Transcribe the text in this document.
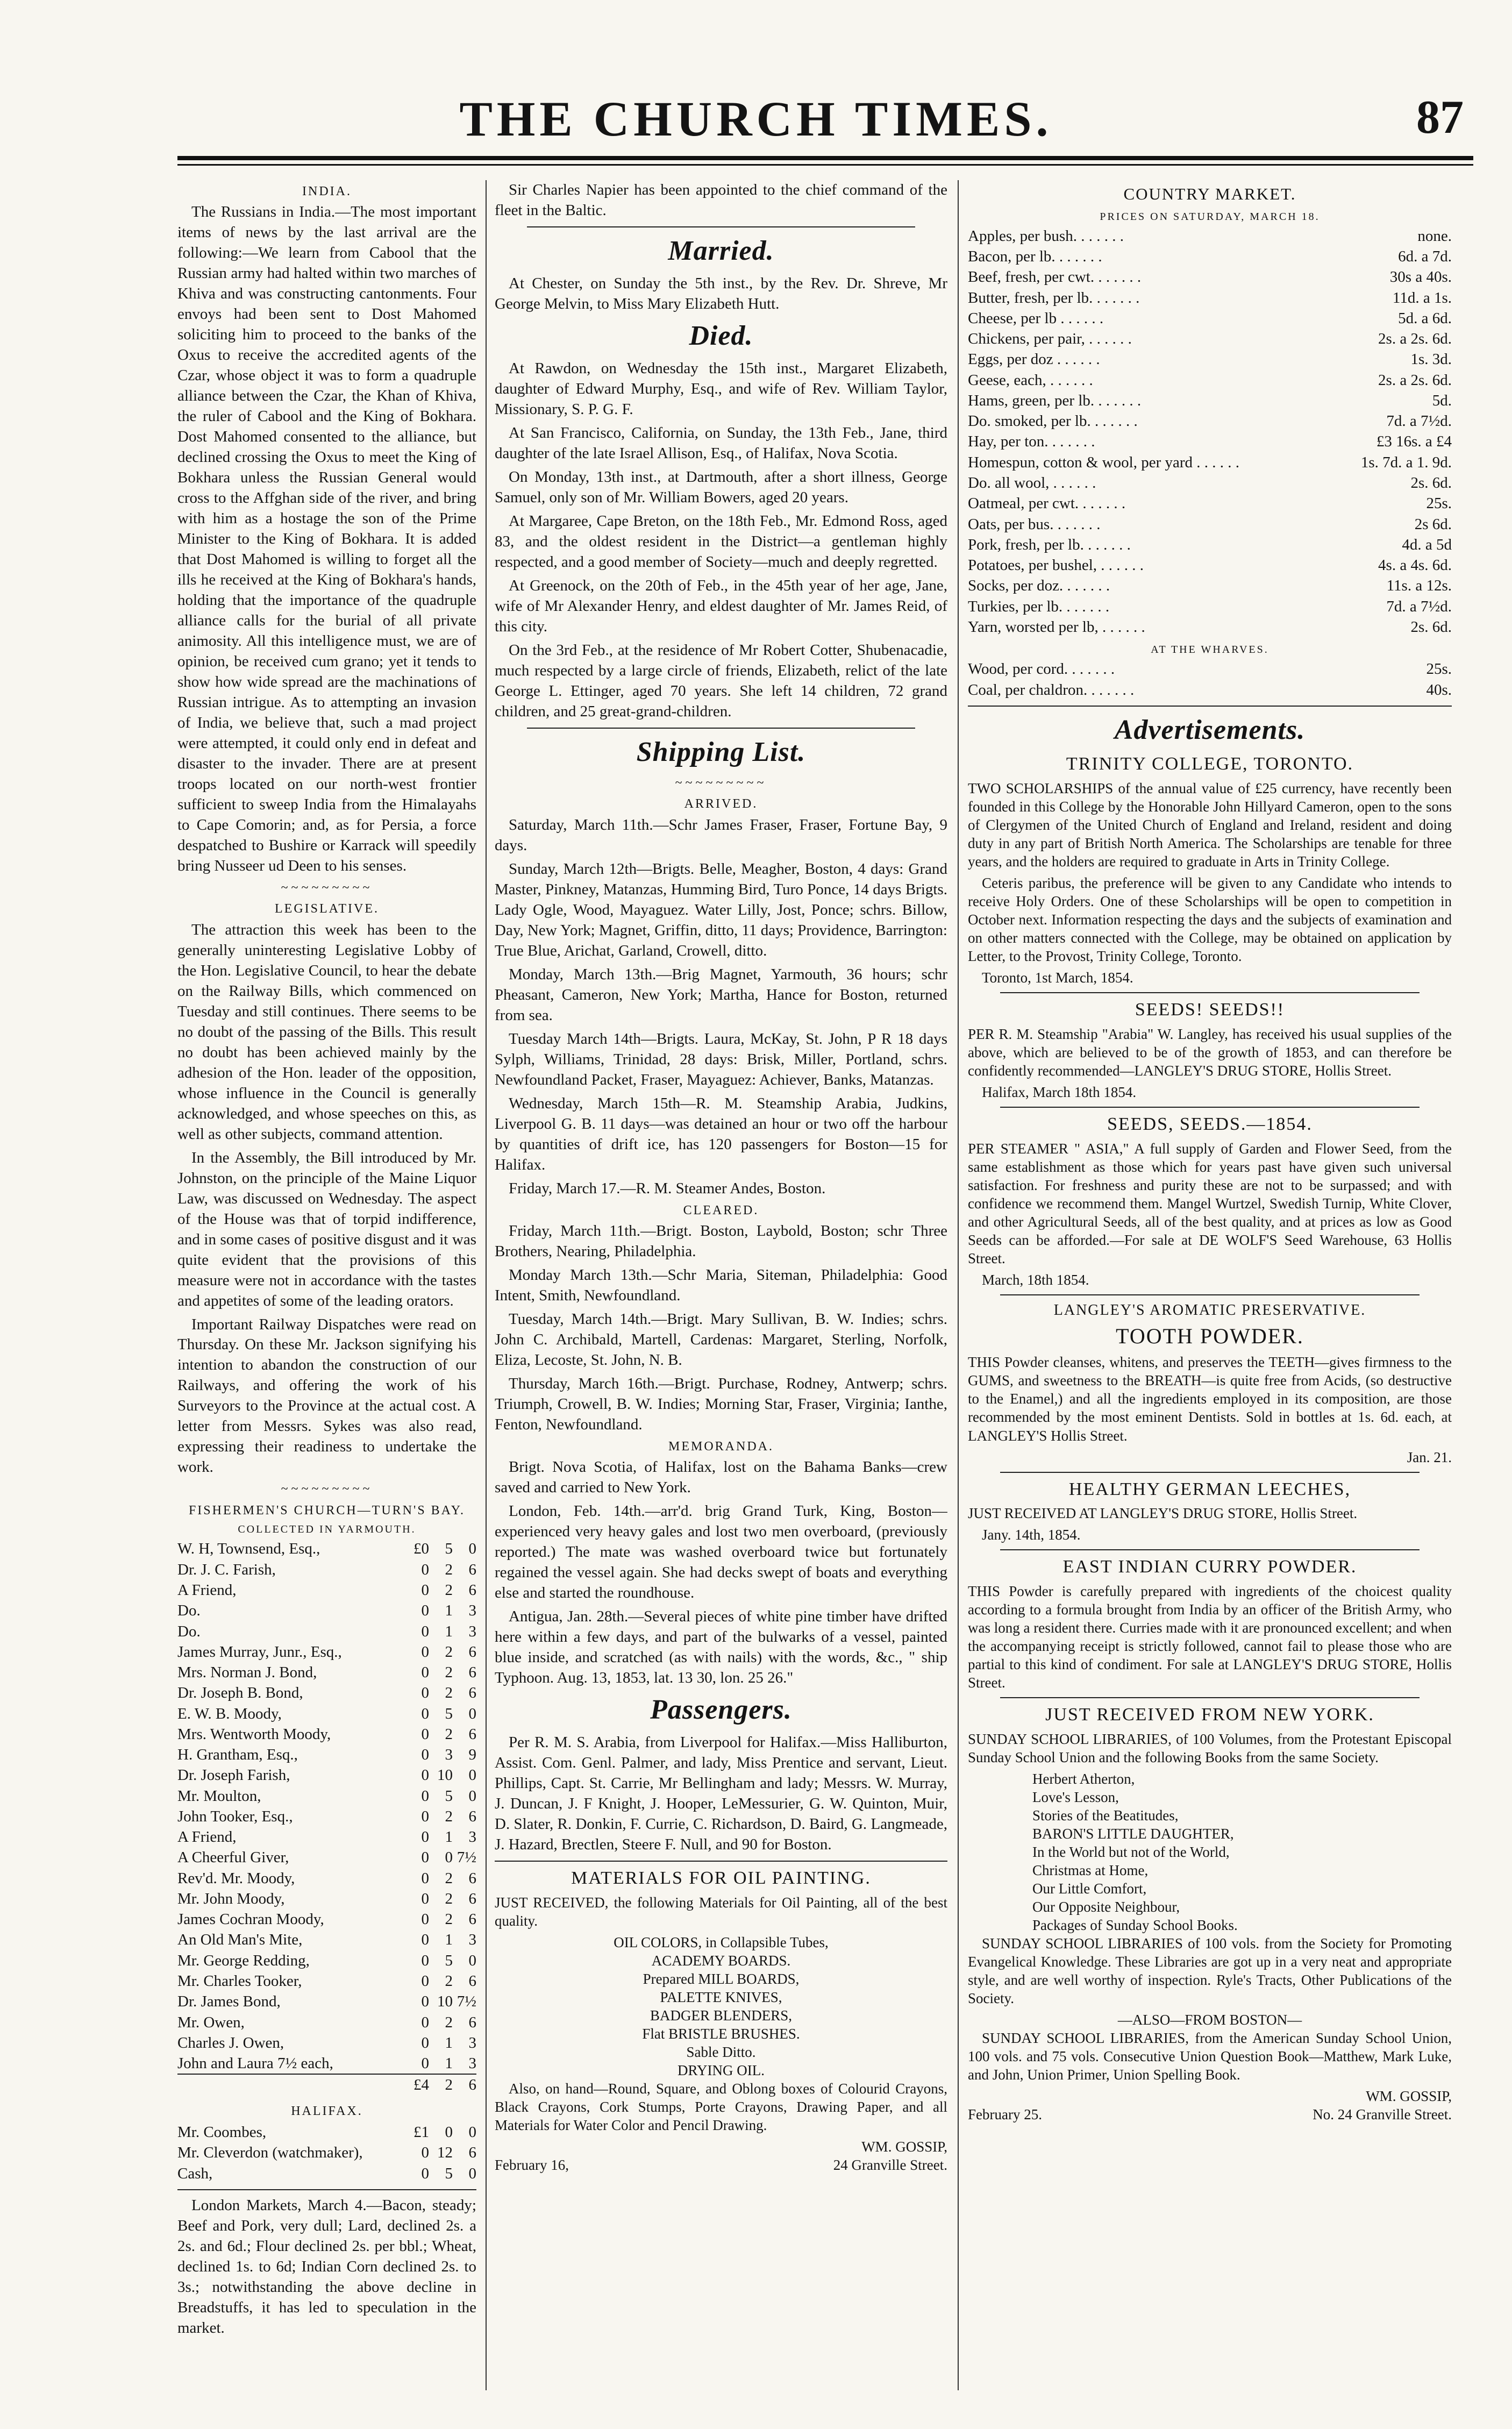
THE CHURCH TIMES.	87
INDIA.

The Russians in India.—The most important items of news by the last arrival are the following:—We learn from Cabool that the Russian army had halted within two marches of Khiva and was constructing cantonments. Four envoys had been sent to Dost Mahomed soliciting him to proceed to the banks of the Oxus to receive the accredited agents of the Czar, whose object it was to form a quadruple alliance between the Czar, the Khan of Khiva, the ruler of Cabool and the King of Bokhara. Dost Mahomed consented to the alliance, but declined crossing the Oxus to meet the King of Bokhara unless the Russian General would cross to the Affghan side of the river, and bring with him as a hostage the son of the Prime Minister to the King of Bokhara. It is added that Dost Mahomed is willing to forget all the ills he received at the King of Bokhara's hands, holding that the importance of the quadruple alliance calls for the burial of all private animosity. All this intelligence must, we are of opinion, be received cum grano; yet it tends to show how wide spread are the machinations of Russian intrigue. As to attempting an invasion of India, we believe that, such a mad project were attempted, it could only end in defeat and disaster to the invader. There are at present troops located on our north-west frontier sufficient to sweep India from the Himalayahs to Cape Comorin; and, as for Persia, a force despatched to Bushire or Karrack will speedily bring Nusseer ud Deen to his senses.

~~~~~~~~~
LEGISLATIVE.

The attraction this week has been to the generally uninteresting Legislative Lobby of the Hon. Legislative Council, to hear the debate on the Railway Bills, which commenced on Tuesday and still continues. There seems to be no doubt of the passing of the Bills. This result no doubt has been achieved mainly by the adhesion of the Hon. leader of the opposition, whose influence in the Council is generally acknowledged, and whose speeches on this, as well as other subjects, command attention.

In the Assembly, the Bill introduced by Mr. Johnston, on the principle of the Maine Liquor Law, was discussed on Wednesday. The aspect of the House was that of torpid indifference, and in some cases of positive disgust and it was quite evident that the provisions of this measure were not in accordance with the tastes and appetites of some of the leading orators.

Important Railway Dispatches were read on Thursday. On these Mr. Jackson signifying his intention to abandon the construction of our Railways, and offering the work of his Surveyors to the Province at the actual cost. A letter from Messrs. Sykes was also read, expressing their readiness to undertake the work.

~~~~~~~~~
FISHERMEN'S CHURCH—TURN'S BAY.
COLLECTED IN YARMOUTH.
W. H, Townsend, Esq.,	£0	5	0
Dr. J. C. Farish,	0	2	6
A Friend,	0	2	6
Do.	0	1	3
Do.	0	1	3
James Murray, Junr., Esq.,	0	2	6
Mrs. Norman J. Bond,	0	2	6
Dr. Joseph B. Bond,	0	2	6
E. W. B. Moody,	0	5	0
Mrs. Wentworth Moody,	0	2	6
H. Grantham, Esq.,	0	3	9
Dr. Joseph Farish,	0	10	0
Mr. Moulton,	0	5	0
John Tooker, Esq.,	0	2	6
A Friend,	0	1	3
A Cheerful Giver,	0	0	7½
Rev'd. Mr. Moody,	0	2	6
Mr. John Moody,	0	2	6
James Cochran Moody,	0	2	6
An Old Man's Mite,	0	1	3
Mr. George Redding,	0	5	0
Mr. Charles Tooker,	0	2	6
Dr. James Bond,	0	10	7½
Mr. Owen,	0	2	6
Charles J. Owen,	0	1	3
John and Laura 7½ each,	0	1	3
	£4	2	6
HALIFAX.
Mr. Coombes,	£1	0	0
Mr. Cleverdon (watchmaker),	0	12	6
Cash,	0	5	0

London Markets, March 4.—Bacon, steady; Beef and Pork, very dull; Lard, declined 2s. a 2s. and 6d.; Flour declined 2s. per bbl.; Wheat, declined 1s. to 6d; Indian Corn declined 2s. to 3s.; notwithstanding the above decline in Breadstuffs, it has led to speculation in the market.

Sir Charles Napier has been appointed to the chief command of the fleet in the Baltic.

Married.

At Chester, on Sunday the 5th inst., by the Rev. Dr. Shreve, Mr George Melvin, to Miss Mary Elizabeth Hutt.

Died.

At Rawdon, on Wednesday the 15th inst., Margaret Elizabeth, daughter of Edward Murphy, Esq., and wife of Rev. William Taylor, Missionary, S. P. G. F.

At San Francisco, California, on Sunday, the 13th Feb., Jane, third daughter of the late Israel Allison, Esq., of Halifax, Nova Scotia.

On Monday, 13th inst., at Dartmouth, after a short illness, George Samuel, only son of Mr. William Bowers, aged 20 years.

At Margaree, Cape Breton, on the 18th Feb., Mr. Edmond Ross, aged 83, and the oldest resident in the District—a gentleman highly respected, and a good member of Society—much and deeply regretted.

At Greenock, on the 20th of Feb., in the 45th year of her age, Jane, wife of Mr Alexander Henry, and eldest daughter of Mr. James Reid, of this city.

On the 3rd Feb., at the residence of Mr Robert Cotter, Shubenacadie, much respected by a large circle of friends, Elizabeth, relict of the late George L. Ettinger, aged 70 years. She left 14 children, 72 grand children, and 25 great-grand-children.

Shipping List.
~~~~~~~~~
ARRIVED.

Saturday, March 11th.—Schr James Fraser, Fraser, Fortune Bay, 9 days.

Sunday, March 12th—Brigts. Belle, Meagher, Boston, 4 days: Grand Master, Pinkney, Matanzas, Humming Bird, Turo Ponce, 14 days Brigts. Lady Ogle, Wood, Mayaguez. Water Lilly, Jost, Ponce; schrs. Billow, Day, New York; Magnet, Griffin, ditto, 11 days; Providence, Barrington: True Blue, Arichat, Garland, Crowell, ditto.

Monday, March 13th.—Brig Magnet, Yarmouth, 36 hours; schr Pheasant, Cameron, New York; Martha, Hance for Boston, returned from sea.

Tuesday March 14th—Brigts. Laura, McKay, St. John, P R 18 days Sylph, Williams, Trinidad, 28 days: Brisk, Miller, Portland, schrs. Newfoundland Packet, Fraser, Mayaguez: Achiever, Banks, Matanzas.

Wednesday, March 15th—R. M. Steamship Arabia, Judkins, Liverpool G. B. 11 days—was detained an hour or two off the harbour by quantities of drift ice, has 120 passengers for Boston—15 for Halifax.

Friday, March 17.—R. M. Steamer Andes, Boston.

CLEARED.

Friday, March 11th.—Brigt. Boston, Laybold, Boston; schr Three Brothers, Nearing, Philadelphia.

Monday March 13th.—Schr Maria, Siteman, Philadelphia: Good Intent, Smith, Newfoundland.

Tuesday, March 14th.—Brigt. Mary Sullivan, B. W. Indies; schrs. John C. Archibald, Martell, Cardenas: Margaret, Sterling, Norfolk, Eliza, Lecoste, St. John, N. B.

Thursday, March 16th.—Brigt. Purchase, Rodney, Antwerp; schrs. Triumph, Crowell, B. W. Indies; Morning Star, Fraser, Virginia; Ianthe, Fenton, Newfoundland.

MEMORANDA.

Brigt. Nova Scotia, of Halifax, lost on the Bahama Banks—crew saved and carried to New York.

London, Feb. 14th.—arr'd. brig Grand Turk, King, Boston—experienced very heavy gales and lost two men overboard, (previously reported.) The mate was washed overboard twice but fortunately regained the vessel again. She had decks swept of boats and everything else and started the roundhouse.

Antigua, Jan. 28th.—Several pieces of white pine timber have drifted here within a few days, and part of the bulwarks of a vessel, painted blue inside, and scratched (as with nails) with the words, &c., " ship Typhoon. Aug. 13, 1853, lat. 13 30, lon. 25 26."

Passengers.

Per R. M. S. Arabia, from Liverpool for Halifax.—Miss Halliburton, Assist. Com. Genl. Palmer, and lady, Miss Prentice and servant, Lieut. Phillips, Capt. St. Carrie, Mr Bellingham and lady; Messrs. W. Murray, J. Duncan, J. F Knight, J. Hooper, LeMessurier, G. W. Quinton, Muir, D. Slater, R. Donkin, F. Currie, C. Richardson, D. Baird, G. Langmeade, J. Hazard, Brectlen, Steere F. Null, and 90 for Boston.

MATERIALS FOR OIL PAINTING.

JUST RECEIVED, the following Materials for Oil Painting, all of the best quality.

OIL COLORS, in Collapsible Tubes,
ACADEMY BOARDS.
Prepared MILL BOARDS,
PALETTE KNIVES,
BADGER BLENDERS,
Flat BRISTLE BRUSHES.
Sable Ditto.
DRYING OIL.

Also, on hand—Round, Square, and Oblong boxes of Colourid Crayons, Black Crayons, Cork Stumps, Porte Crayons, Drawing Paper, and all Materials for Water Color and Pencil Drawing.

WM. GOSSIP,
February 16,	24 Granville Street.
COUNTRY MARKET.
PRICES ON SATURDAY, MARCH 18.
Apples, per bush. . . . . . .	none.
Bacon, per lb. . . . . . .	6d. a 7d.
Beef, fresh, per cwt. . . . . . .	30s a 40s.
Butter, fresh, per lb. . . . . . .	11d. a 1s.
Cheese, per lb . . . . . .	5d. a 6d.
Chickens, per pair, . . . . . .	2s. a 2s. 6d.
Eggs, per doz . . . . . .	1s. 3d.
Geese, each, . . . . . .	2s. a 2s. 6d.
Hams, green, per lb. . . . . . .	5d.
Do. smoked, per lb. . . . . . .	7d. a 7½d.
Hay, per ton. . . . . . .	£3 16s. a £4
Homespun, cotton & wool, per yard . . . . . .	1s. 7d. a 1. 9d.
Do. all wool, . . . . . .	2s. 6d.
Oatmeal, per cwt. . . . . . .	25s.
Oats, per bus. . . . . . .	2s 6d.
Pork, fresh, per lb. . . . . . .	4d. a 5d
Potatoes, per bushel, . . . . . .	4s. a 4s. 6d.
Socks, per doz. . . . . . .	11s. a 12s.
Turkies, per lb. . . . . . .	7d. a 7½d.
Yarn, worsted per lb, . . . . . .	2s. 6d.
AT THE WHARVES.
Wood, per cord. . . . . . .	25s.
Coal, per chaldron. . . . . . .	40s.
Advertisements.
TRINITY COLLEGE, TORONTO.

TWO SCHOLARSHIPS of the annual value of £25 currency, have recently been founded in this College by the Honorable John Hillyard Cameron, open to the sons of Clergymen of the United Church of England and Ireland, resident and doing duty in any part of British North America. The Scholarships are tenable for three years, and the holders are required to graduate in Arts in Trinity College.

Ceteris paribus, the preference will be given to any Candidate who intends to receive Holy Orders. One of these Scholarships will be open to competition in October next. Information respecting the days and the subjects of examination and on other matters connected with the College, may be obtained on application by Letter, to the Provost, Trinity College, Toronto.

Toronto, 1st March, 1854.

SEEDS! SEEDS!!

PER R. M. Steamship "Arabia" W. Langley, has received his usual supplies of the above, which are believed to be of the growth of 1853, and can therefore be confidently recommended—LANGLEY'S DRUG STORE, Hollis Street.

Halifax, March 18th 1854.

SEEDS, SEEDS.—1854.

PER STEAMER " ASIA," A full supply of Garden and Flower Seed, from the same establishment as those which for years past have given such universal satisfaction. For freshness and purity these are not to be surpassed; and with confidence we recommend them. Mangel Wurtzel, Swedish Turnip, White Clover, and other Agricultural Seeds, all of the best quality, and at prices as low as Good Seeds can be afforded.—For sale at DE WOLF'S Seed Warehouse, 63 Hollis Street.

March, 18th 1854.

LANGLEY'S AROMATIC PRESERVATIVE.
TOOTH POWDER.

THIS Powder cleanses, whitens, and preserves the TEETH—gives firmness to the GUMS, and sweetness to the BREATH—is quite free from Acids, (so destructive to the Enamel,) and all the ingredients employed in its composition, are those recommended by the most eminent Dentists. Sold in bottles at 1s. 6d. each, at LANGLEY'S Hollis Street.

Jan. 21.
HEALTHY GERMAN LEECHES,

JUST RECEIVED AT LANGLEY'S DRUG STORE, Hollis Street.

Jany. 14th, 1854.

EAST INDIAN CURRY POWDER.

THIS Powder is carefully prepared with ingredients of the choicest quality according to a formula brought from India by an officer of the British Army, who was long a resident there. Curries made with it are pronounced excellent; and when the accompanying receipt is strictly followed, cannot fail to please those who are partial to this kind of condiment. For sale at LANGLEY'S DRUG STORE, Hollis Street.

JUST RECEIVED FROM NEW YORK.

SUNDAY SCHOOL LIBRARIES, of 100 Volumes, from the Protestant Episcopal Sunday School Union and the following Books from the same Society.

Herbert Atherton,
Love's Lesson,
Stories of the Beatitudes,
BARON'S LITTLE DAUGHTER,
In the World but not of the World,
Christmas at Home,
Our Little Comfort,
Our Opposite Neighbour,
Packages of Sunday School Books.

SUNDAY SCHOOL LIBRARIES of 100 vols. from the Society for Promoting Evangelical Knowledge. These Libraries are got up in a very neat and appropriate style, and are well worthy of inspection. Ryle's Tracts, Other Publications of the Society.

—ALSO—FROM BOSTON—

SUNDAY SCHOOL LIBRARIES, from the American Sunday School Union, 100 vols. and 75 vols. Consecutive Union Question Book—Matthew, Mark Luke, and John, Union Primer, Union Spelling Book.

WM. GOSSIP,
February 25.	No. 24 Granville Street.
